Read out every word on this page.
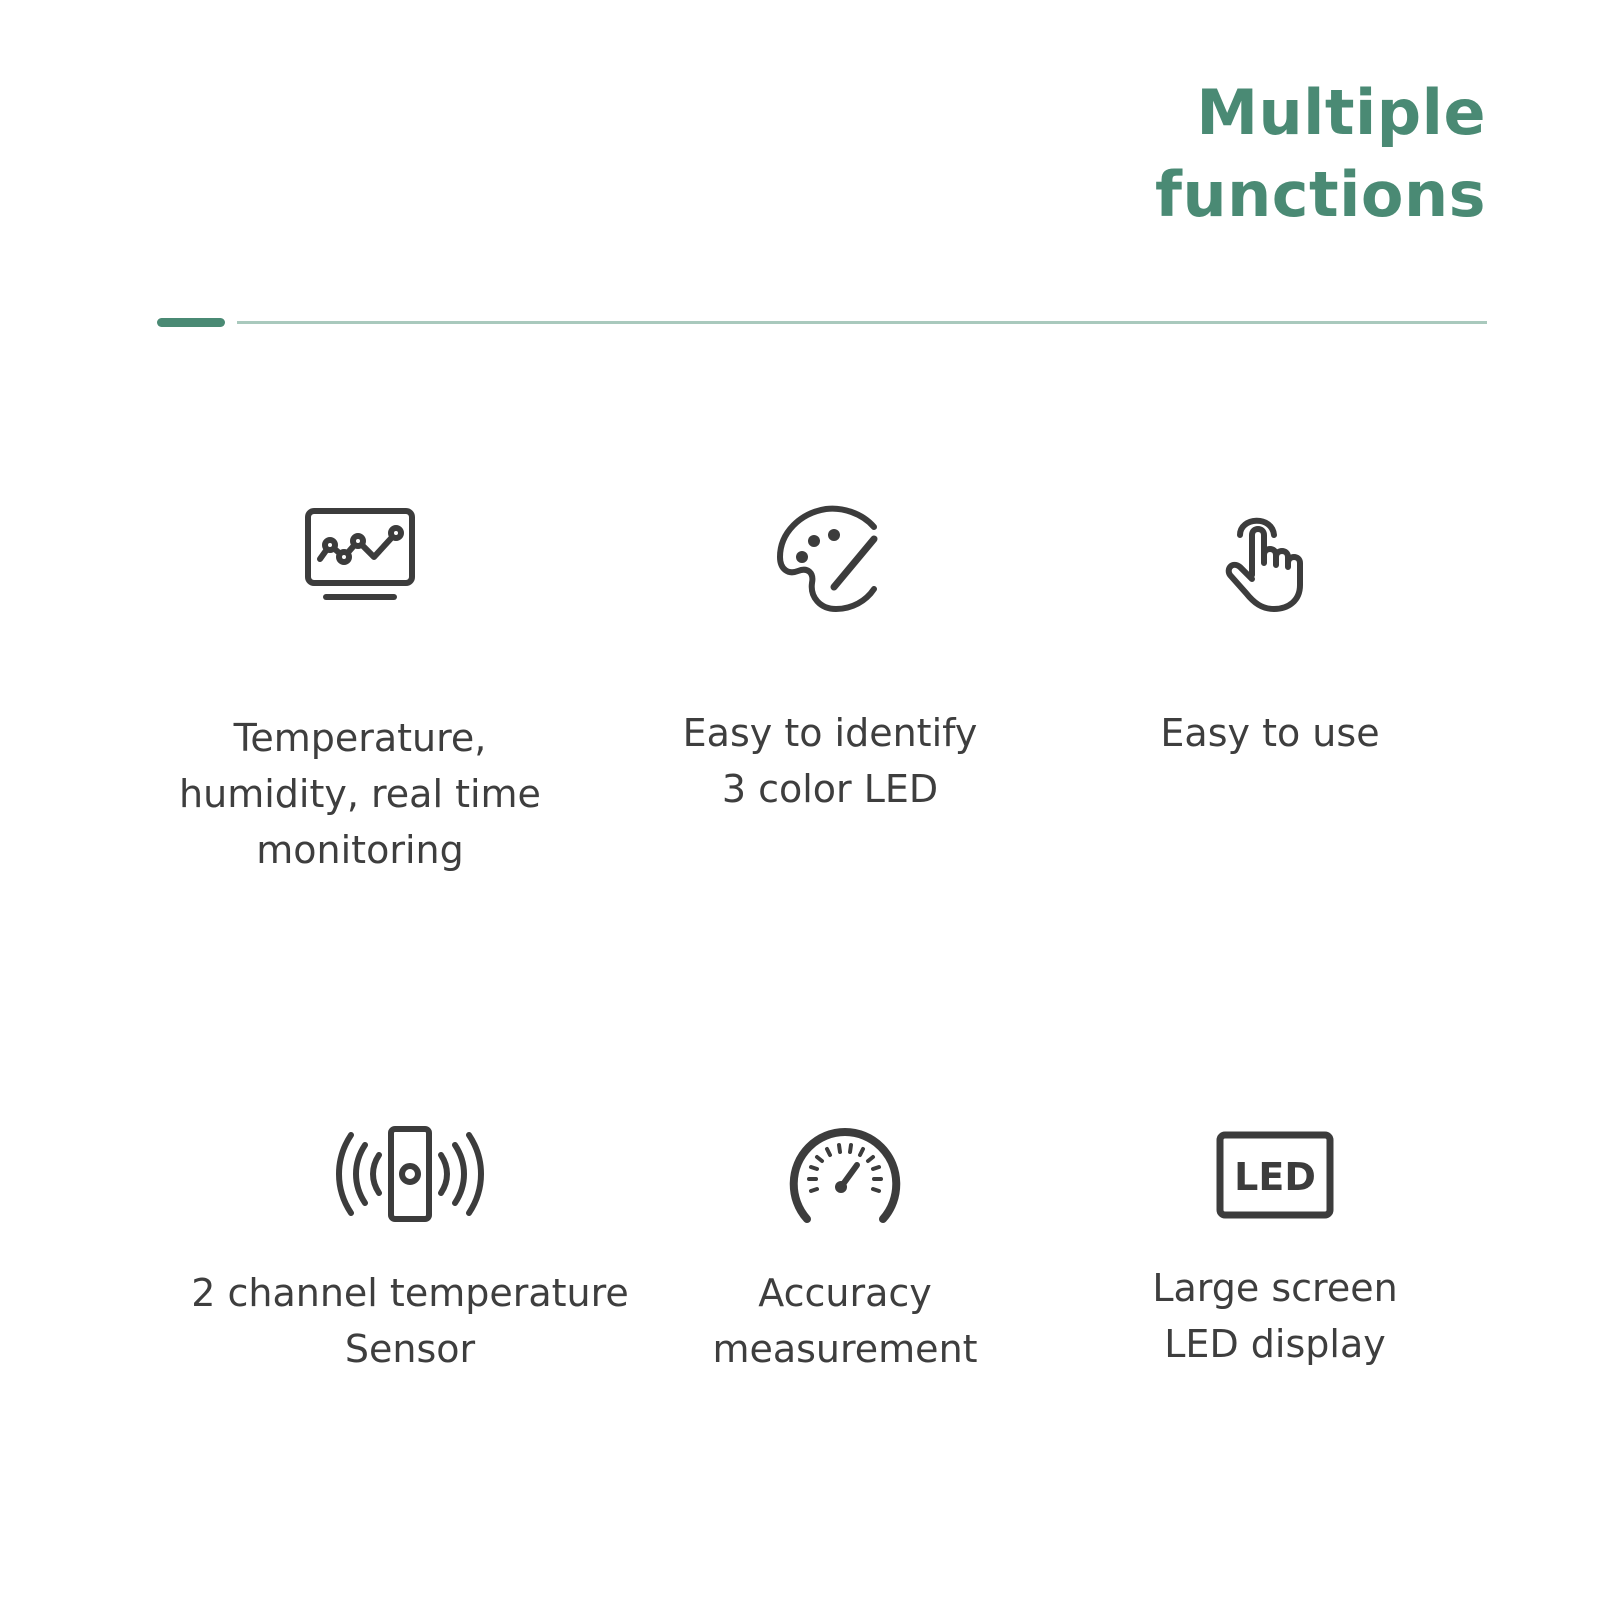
Multiple
functions
Temperature,
humidity, real time
monitoring
Easy to identify
3 color LED
Easy to use
2 channel temperature
Sensor
Accuracy
measurement
LED
Large screen
LED display
